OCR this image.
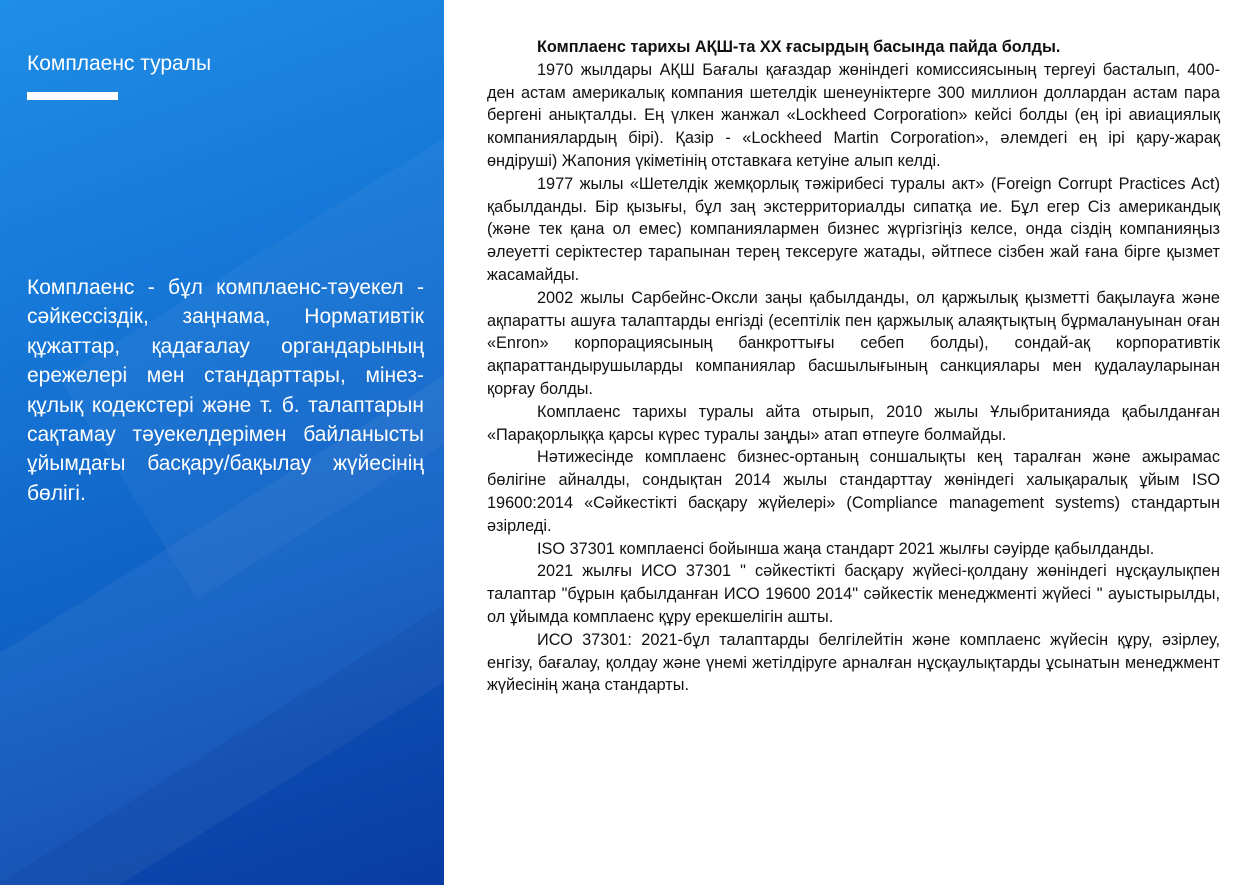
Комплаенс туралы

Комплаенс - бұл комплаенс-тәуекел - сәйкессіздік, заңнама, Нормативтік құжаттар, қадағалау органдарының ережелері мен стандарттары, мінез-құлық кодекстері және т. б. талаптарын сақтамау тәуекелдерімен байланысты ұйымдағы басқару/бақылау жүйесінің бөлігі.

Комплаенс тарихы АҚШ-та XX ғасырдың басында пайда болды.

1970 жылдары АҚШ Бағалы қағаздар жөніндегі комиссиясының тергеуі басталып, 400-ден астам америкалық компания шетелдік шенеуніктерге 300 миллион доллардан астам пара бергені анықталды. Ең үлкен жанжал «Lockheed Corporation» кейсі болды (ең ірі авиациялық компаниялардың бірі). Қазір - «Lockheed Martin Corporation», әлемдегі ең ірі қару-жарақ өндіруші) Жапония үкіметінің отставкаға кетуіне алып келді.

1977 жылы «Шетелдік жемқорлық тәжірибесі туралы акт» (Foreign Corrupt Practices Act) қабылданды. Бір қызығы, бұл заң экстерриториалды сипатқа ие. Бұл егер Сіз американдық (және тек қана ол емес) компаниялармен бизнес жүргізгіңіз келсе, онда сіздің компанияңыз әлеуетті серіктестер тарапынан терең тексеруге жатады, әйтпесе сізбен жай ғана бірге қызмет жасамайды.

2002 жылы Сарбейнс-Оксли заңы қабылданды, ол қаржылық қызметті бақылауға және ақпаратты ашуға талаптарды енгізді (есептілік пен қаржылық алаяқтықтың бұрмалануынан оған «Enron» корпорациясының банкроттығы себеп болды), сондай-ақ корпоративтік ақпараттандырушыларды компаниялар басшылығының санкциялары мен қудалауларынан қорғау болды.

Комплаенс тарихы туралы айта отырып, 2010 жылы Ұлыбританияда қабылданған «Парақорлыққа қарсы күрес туралы заңды» атап өтпеуге болмайды.

Нәтижесінде комплаенс бизнес-ортаның соншалықты кең таралған және ажырамас бөлігіне айналды, сондықтан 2014 жылы стандарттау жөніндегі халықаралық ұйым ISO 19600:2014 «Сәйкестікті басқару жүйелері» (Compliance management systems) стандартын әзірледі.

ISO 37301 комплаенсі бойынша жаңа стандарт 2021 жылғы сәуірде қабылданды.

2021 жылғы ИСО 37301 " сәйкестікті басқару жүйесі-қолдану жөніндегі нұсқаулықпен талаптар "бұрын қабылданған ИСО 19600 2014" сәйкестік менеджменті жүйесі " ауыстырылды, ол ұйымда комплаенс құру ерекшелігін ашты.

ИСО 37301: 2021-бұл талаптарды белгілейтін және комплаенс жүйесін құру, әзірлеу, енгізу, бағалау, қолдау және үнемі жетілдіруге арналған нұсқаулықтарды ұсынатын менеджмент жүйесінің жаңа стандарты.
